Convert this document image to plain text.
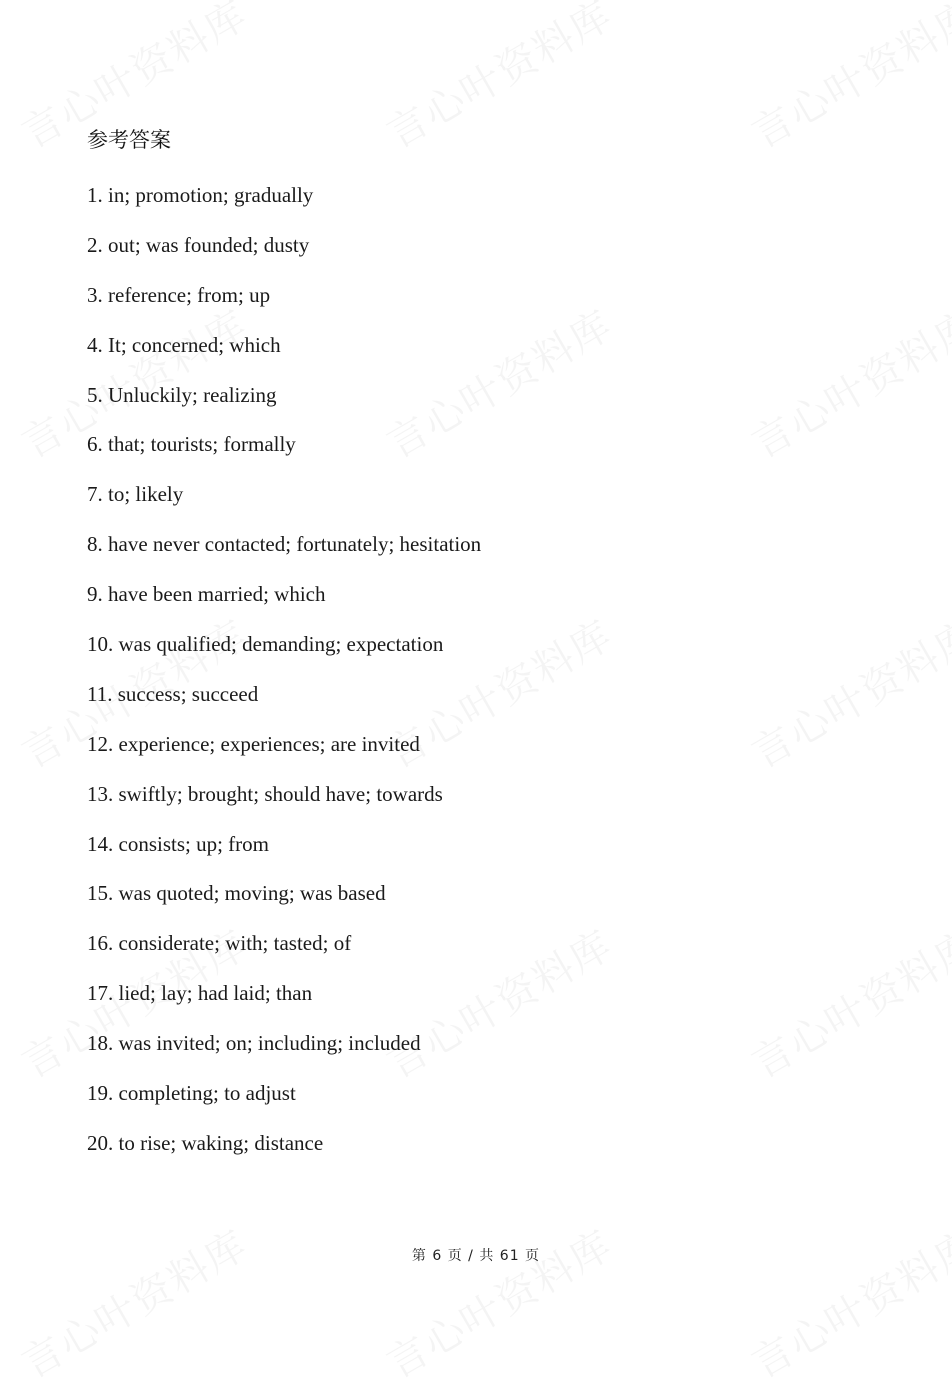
参考答案
1. in; promotion; gradually
2. out; was founded; dusty
3. reference; from; up
4. It; concerned; which
5. Unluckily; realizing
6. that; tourists; formally
7. to; likely
8. have never contacted; fortunately; hesitation
9. have been married; which
10. was qualified; demanding; expectation
11. success; succeed
12. experience; experiences; are invited
13. swiftly; brought; should have; towards
14. consists; up; from
15. was quoted; moving; was based
16. considerate; with; tasted; of
17. lied; lay; had laid; than
18. was invited; on; including; included
19. completing; to adjust
20. to rise; waking; distance
第 6 页 / 共 61 页
